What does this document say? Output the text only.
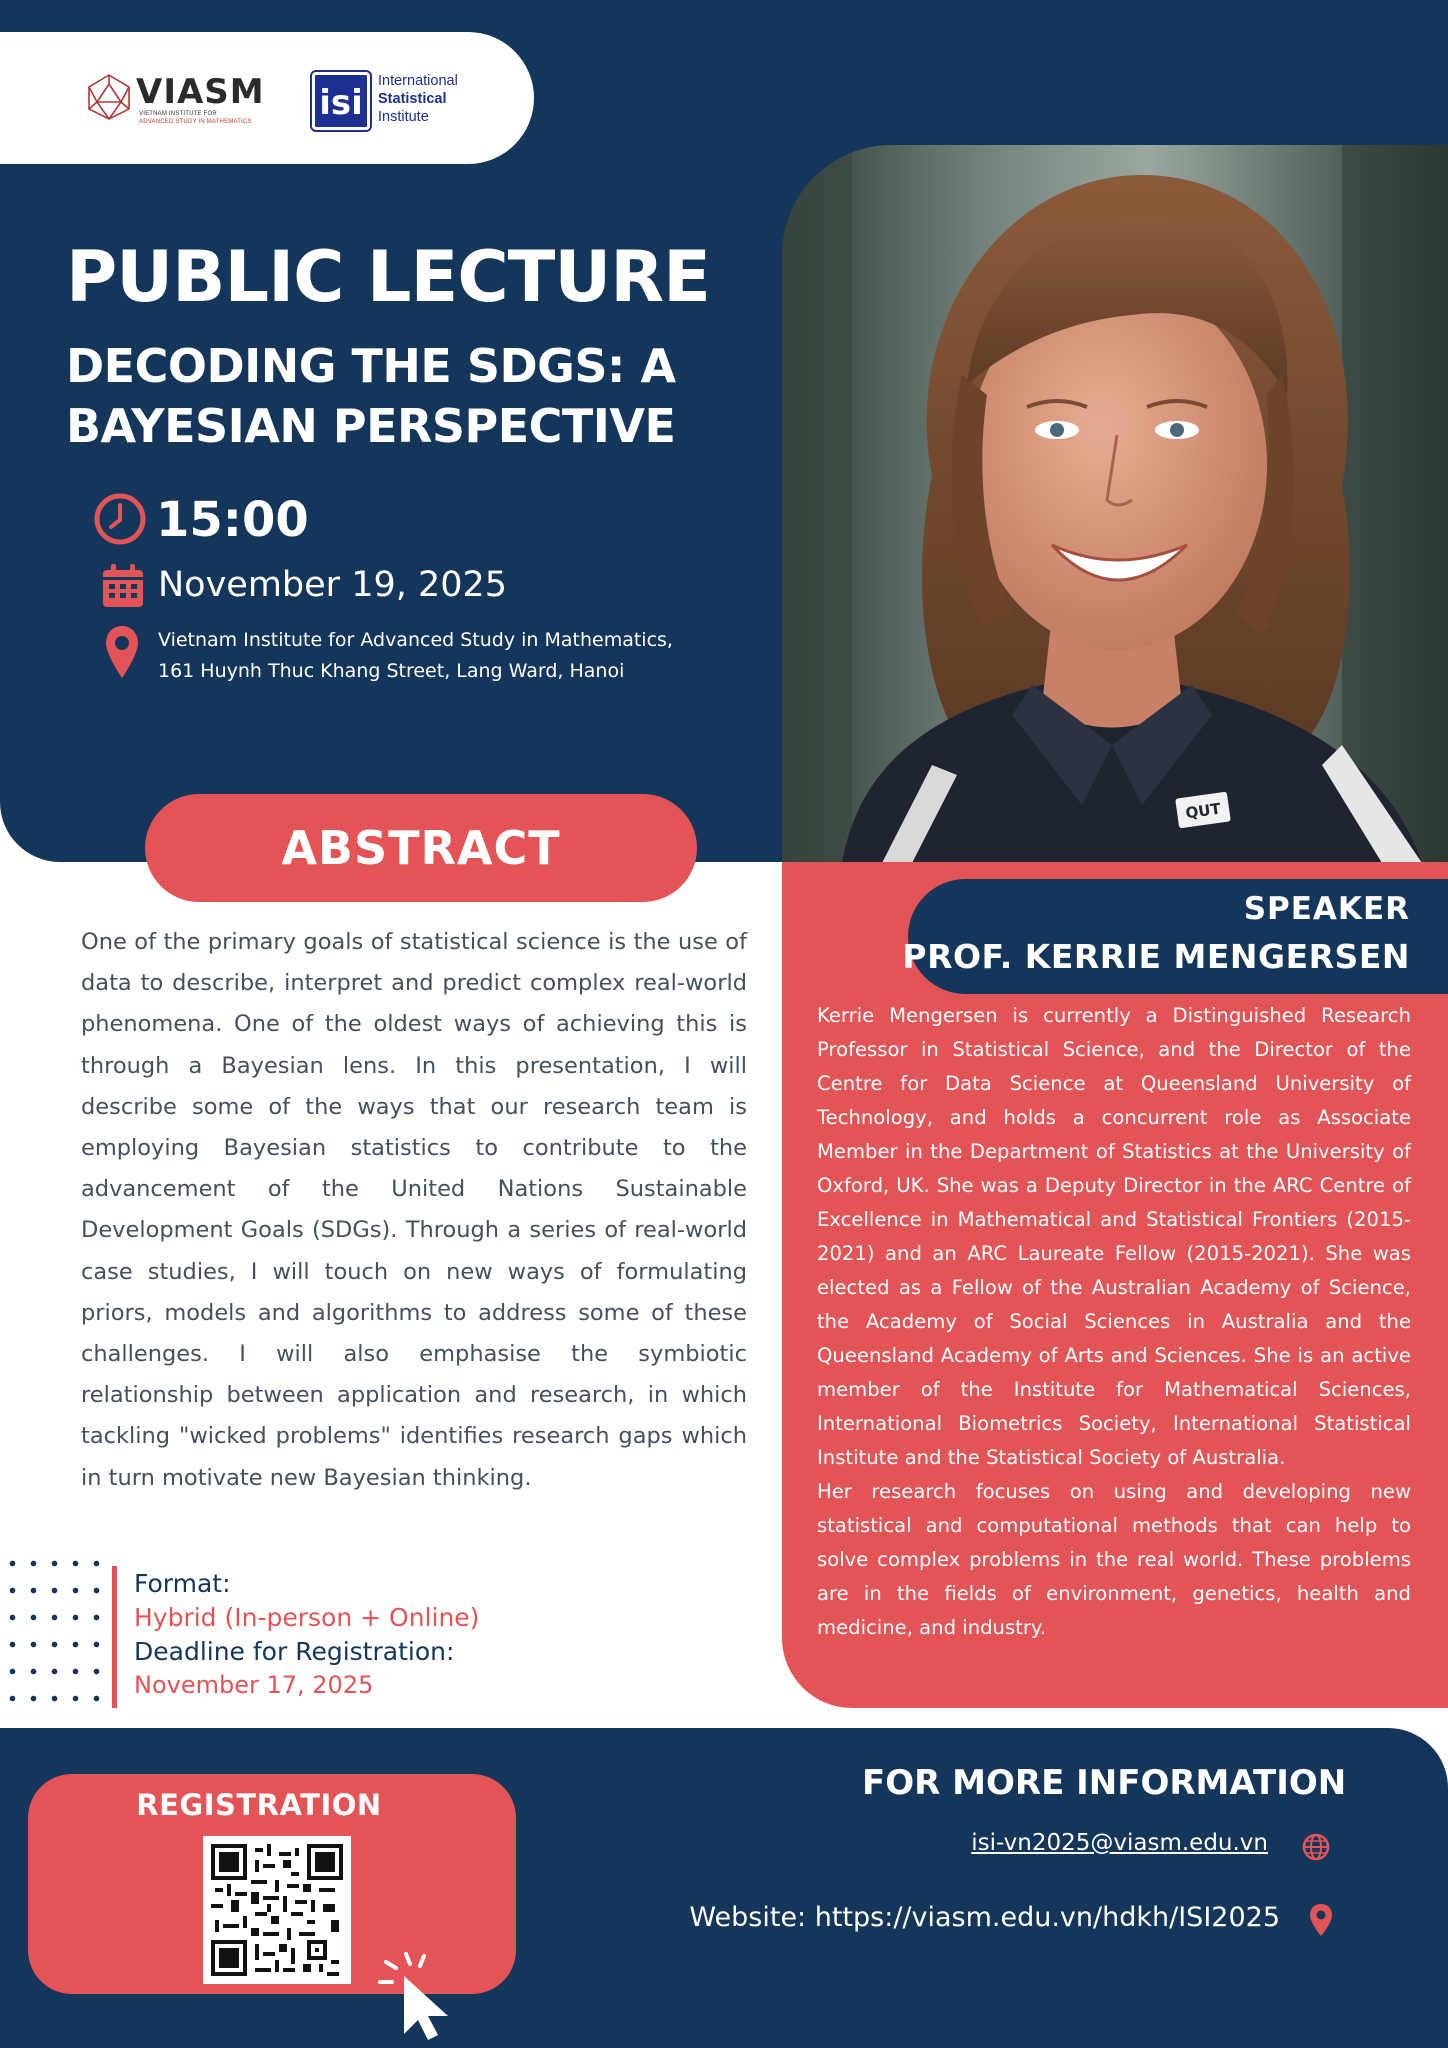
VIASM
VIETNAM INSTITUTE FOR
ADVANCED STUDY IN MATHEMATICS isi
International
Statistical
Institute
QUT
PUBLIC LECTURE
DECODING THE SDGS: A BAYESIAN PERSPECTIVE
15:00
November 19, 2025
Vietnam Institute for Advanced Study in Mathematics,
161 Huynh Thuc Khang Street, Lang Ward, Hanoi
ABSTRACT
One of the primary goals of statistical science is the use of data to describe, interpret and predict complex real-world phenomena. One of the oldest ways of achieving this is through a Bayesian lens. In this presentation, I will describe some of the ways that our research team is employing Bayesian statistics to contribute to the advancement of the United Nations Sustainable Development Goals (SDGs). Through a series of real-world case studies, I will touch on new ways of formulating priors, models and algorithms to address some of these challenges. I will also emphasise the symbiotic relationship between application and research, in which tackling "wicked problems" identifies research gaps which in turn motivate new Bayesian thinking.
Format:
Hybrid (In-person + Online)
Deadline for Registration:
November 17, 2025
SPEAKER
PROF. KERRIE MENGERSEN

Kerrie Mengersen is currently a Distinguished Research Professor in Statistical Science, and the Director of the Centre for Data Science at Queensland University of Technology, and holds a concurrent role as Associate Member in the Department of Statistics at the University of Oxford, UK. She was a Deputy Director in the ARC Centre of Excellence in Mathematical and Statistical Frontiers (2015-2021) and an ARC Laureate Fellow (2015-2021). She was elected as a Fellow of the Australian Academy of Science, the Academy of Social Sciences in Australia and the Queensland Academy of Arts and Sciences. She is an active member of the Institute for Mathematical Sciences, International Biometrics Society, International Statistical Institute and the Statistical Society of Australia.

Her research focuses on using and developing new statistical and computational methods that can help to solve complex problems in the real world. These problems are in the fields of environment, genetics, health and medicine, and industry.

REGISTRATION
FOR MORE INFORMATION
isi-vn2025@viasm.edu.vn
Website: https://viasm.edu.vn/hdkh/ISI2025
